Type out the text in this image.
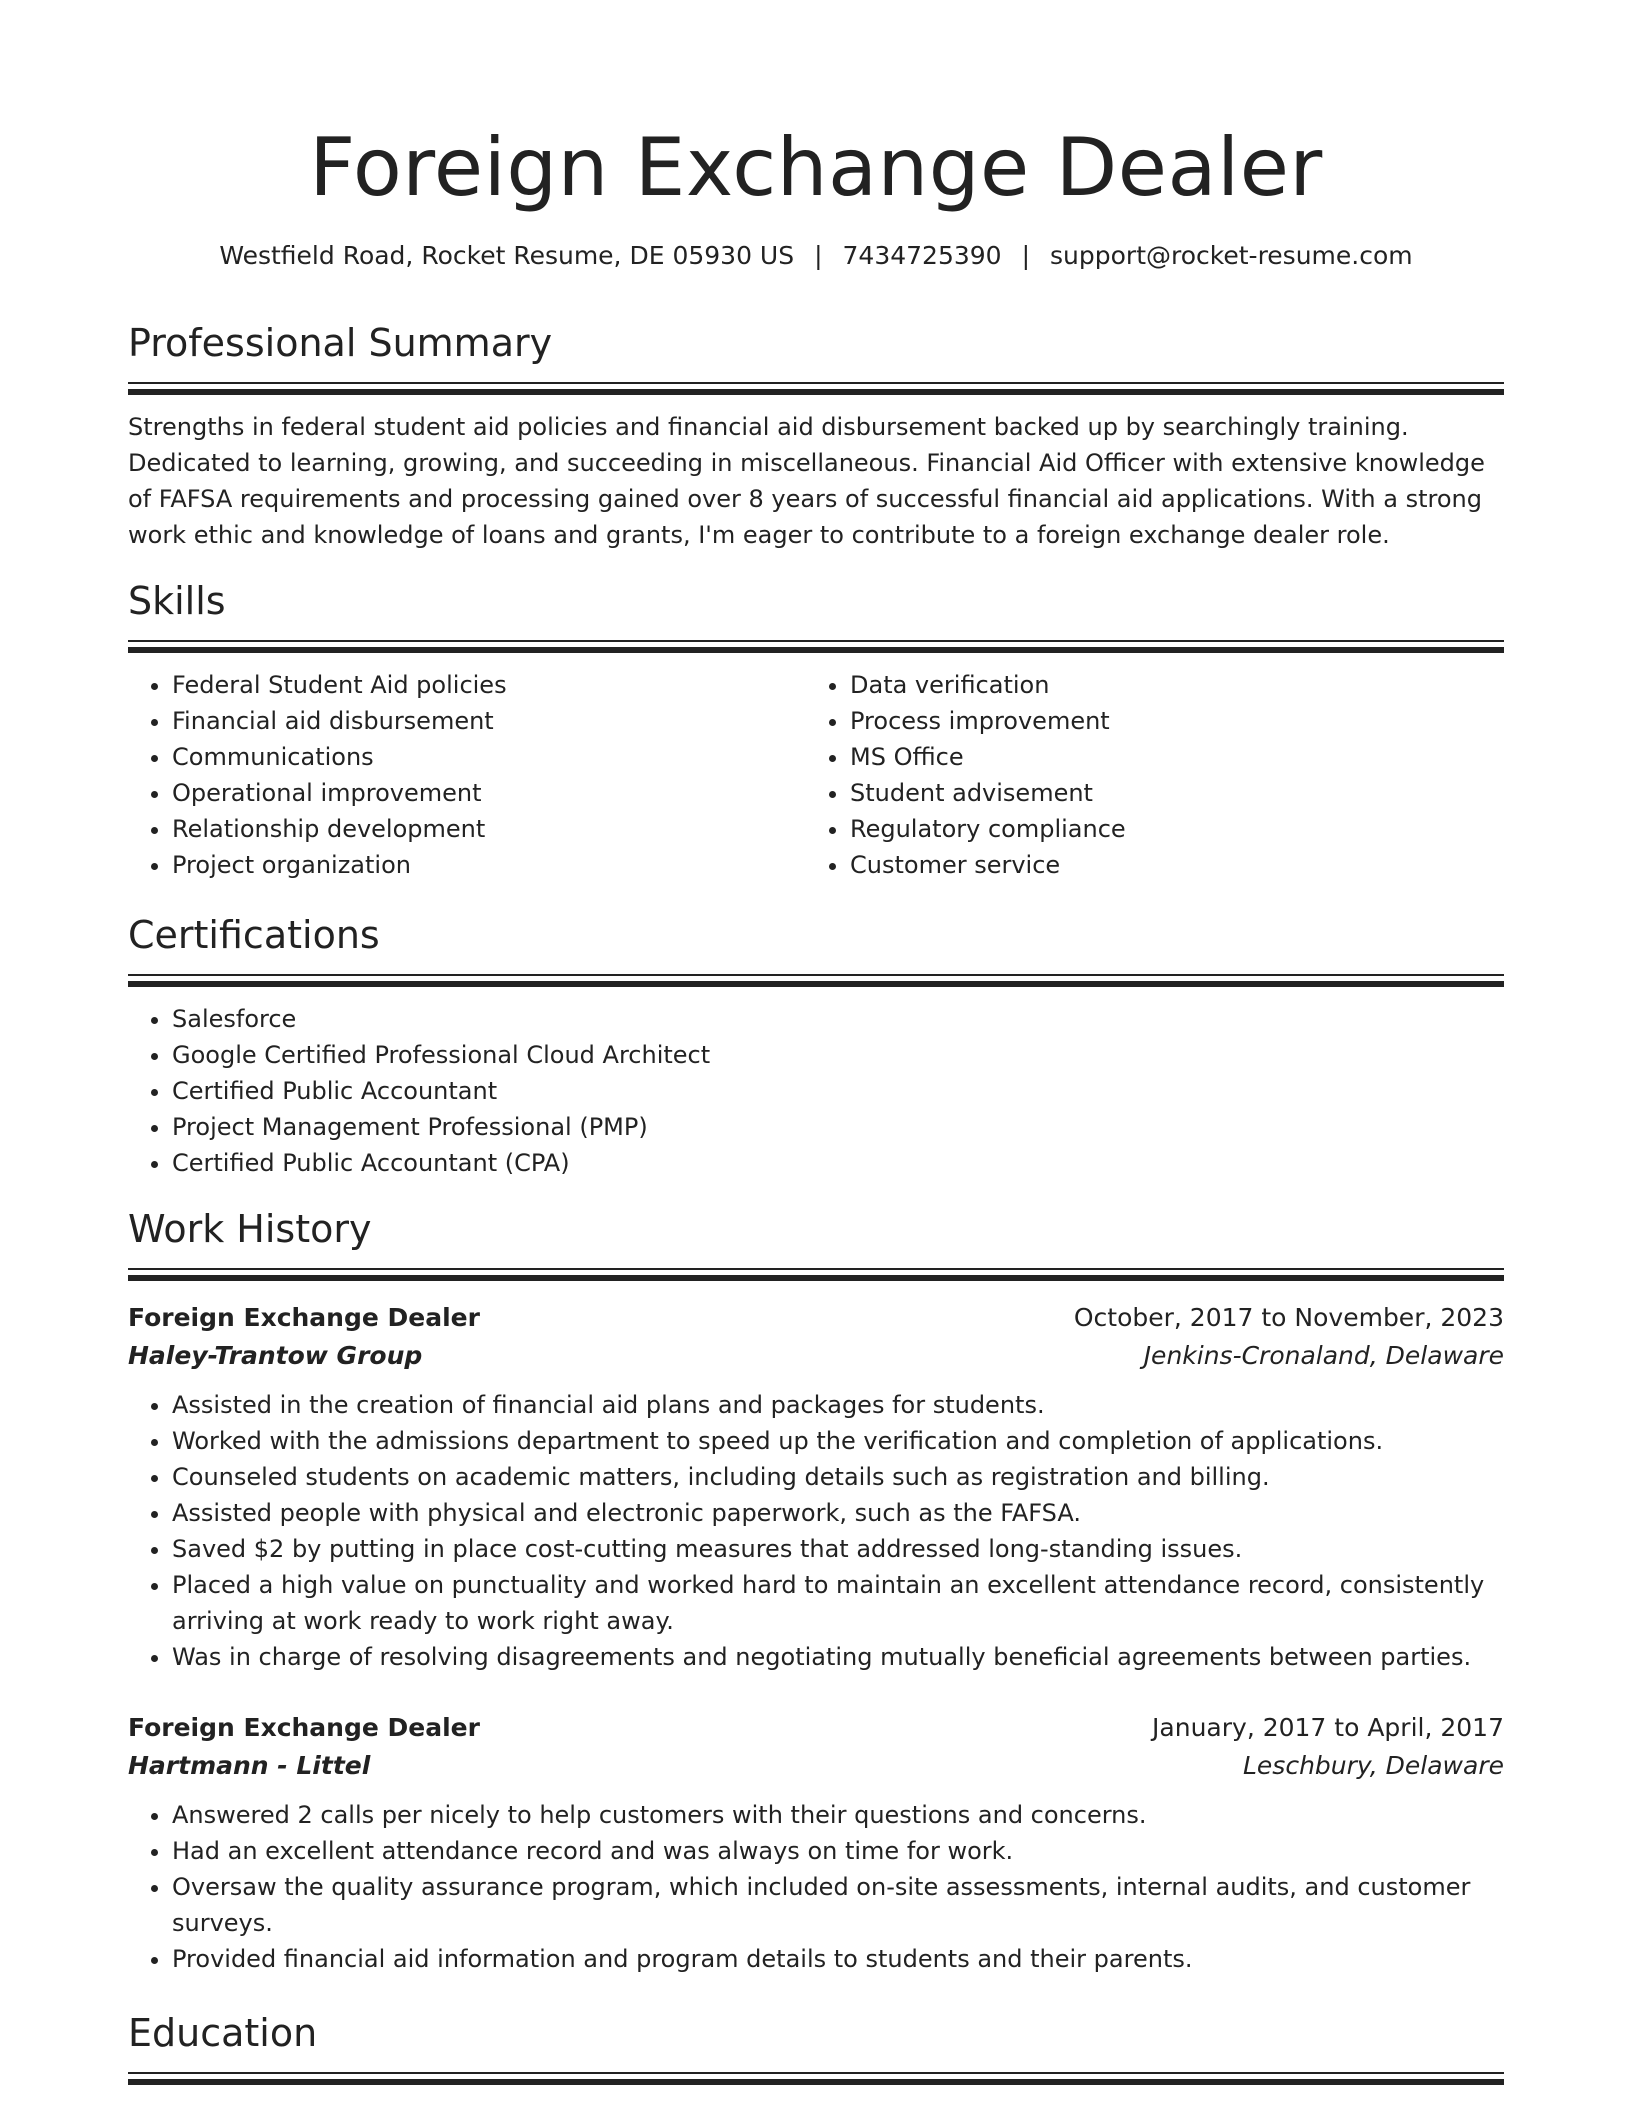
Foreign Exchange Dealer
Westfield Road, Rocket Resume, DE 05930 US | 7434725390 | support@rocket-resume.com
Professional Summary
Strengths in federal student aid policies and financial aid disbursement backed up by searchingly training. Dedicated to learning, growing, and succeeding in miscellaneous. Financial Aid Officer with extensive knowledge of FAFSA requirements and processing gained over 8 years of successful financial aid applications. With a strong work ethic and knowledge of loans and grants, I'm eager to contribute to a foreign exchange dealer role.
Skills
• Federal Student Aid policies
• Financial aid disbursement
• Communications
• Operational improvement
• Relationship development
• Project organization
• Data verification
• Process improvement
• MS Office
• Student advisement
• Regulatory compliance
• Customer service
Certifications
• Salesforce
• Google Certified Professional Cloud Architect
• Certified Public Accountant
• Project Management Professional (PMP)
• Certified Public Accountant (CPA)
Work History
Foreign Exchange Dealer	October, 2017 to November, 2023
Haley-Trantow Group	Jenkins-Cronaland, Delaware
• Assisted in the creation of financial aid plans and packages for students.
• Worked with the admissions department to speed up the verification and completion of applications.
• Counseled students on academic matters, including details such as registration and billing.
• Assisted people with physical and electronic paperwork, such as the FAFSA.
• Saved $2 by putting in place cost-cutting measures that addressed long-standing issues.
• Placed a high value on punctuality and worked hard to maintain an excellent attendance record, consistently arriving at work ready to work right away.
• Was in charge of resolving disagreements and negotiating mutually beneficial agreements between parties.
Foreign Exchange Dealer	January, 2017 to April, 2017
Hartmann - Littel	Leschbury, Delaware
• Answered 2 calls per nicely to help customers with their questions and concerns.
• Had an excellent attendance record and was always on time for work.
• Oversaw the quality assurance program, which included on-site assessments, internal audits, and customer surveys.
• Provided financial aid information and program details to students and their parents.
Education
